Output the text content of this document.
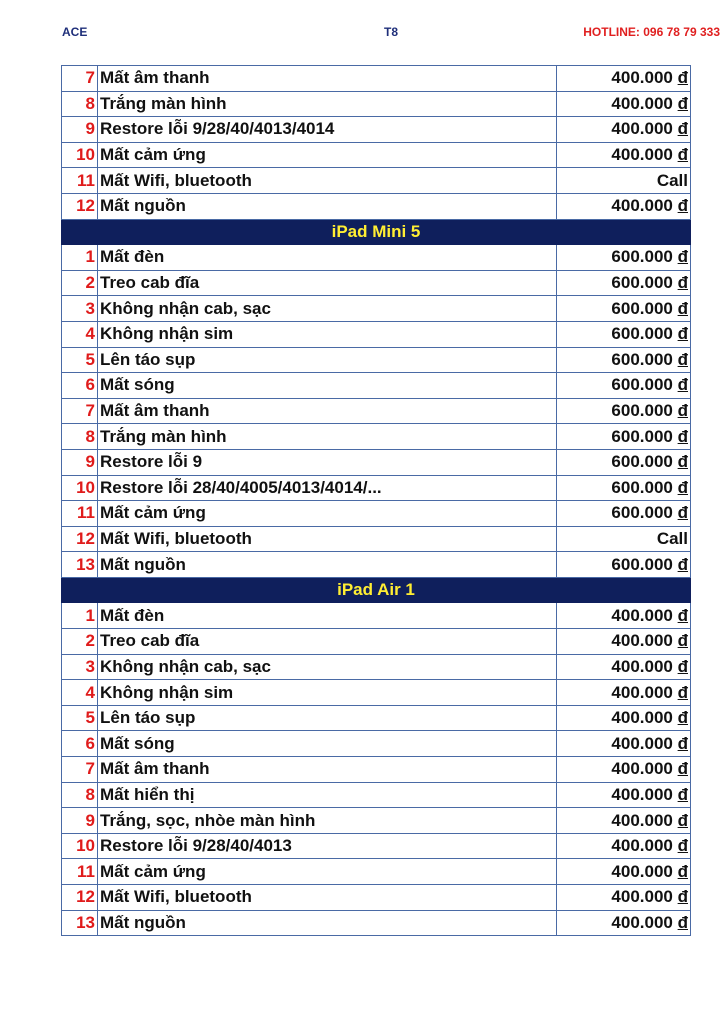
ACE	T8	HOTLINE: 096 78 79 333
7	Mất âm thanh	400.000 đ
8	Trắng màn hình	400.000 đ
9	Restore lỗi 9/28/40/4013/4014	400.000 đ
10	Mất cảm ứng	400.000 đ
11	Mất Wifi, bluetooth	Call
12	Mất nguồn	400.000 đ
iPad Mini 5		
1	Mất đèn	600.000 đ
2	Treo cab đĩa	600.000 đ
3	Không nhận cab, sạc	600.000 đ
4	Không nhận sim	600.000 đ
5	Lên táo sụp	600.000 đ
6	Mất sóng	600.000 đ
7	Mất âm thanh	600.000 đ
8	Trắng màn hình	600.000 đ
9	Restore lỗi 9	600.000 đ
10	Restore lỗi 28/40/4005/4013/4014/...	600.000 đ
11	Mất cảm ứng	600.000 đ
12	Mất Wifi, bluetooth	Call
13	Mất nguồn	600.000 đ
iPad Air 1		
1	Mất đèn	400.000 đ
2	Treo cab đĩa	400.000 đ
3	Không nhận cab, sạc	400.000 đ
4	Không nhận sim	400.000 đ
5	Lên táo sụp	400.000 đ
6	Mất sóng	400.000 đ
7	Mất âm thanh	400.000 đ
8	Mất hiển thị	400.000 đ
9	Trắng, sọc, nhòe màn hình	400.000 đ
10	Restore lỗi 9/28/40/4013	400.000 đ
11	Mất cảm ứng	400.000 đ
12	Mất Wifi, bluetooth	400.000 đ
13	Mất nguồn	400.000 đ
